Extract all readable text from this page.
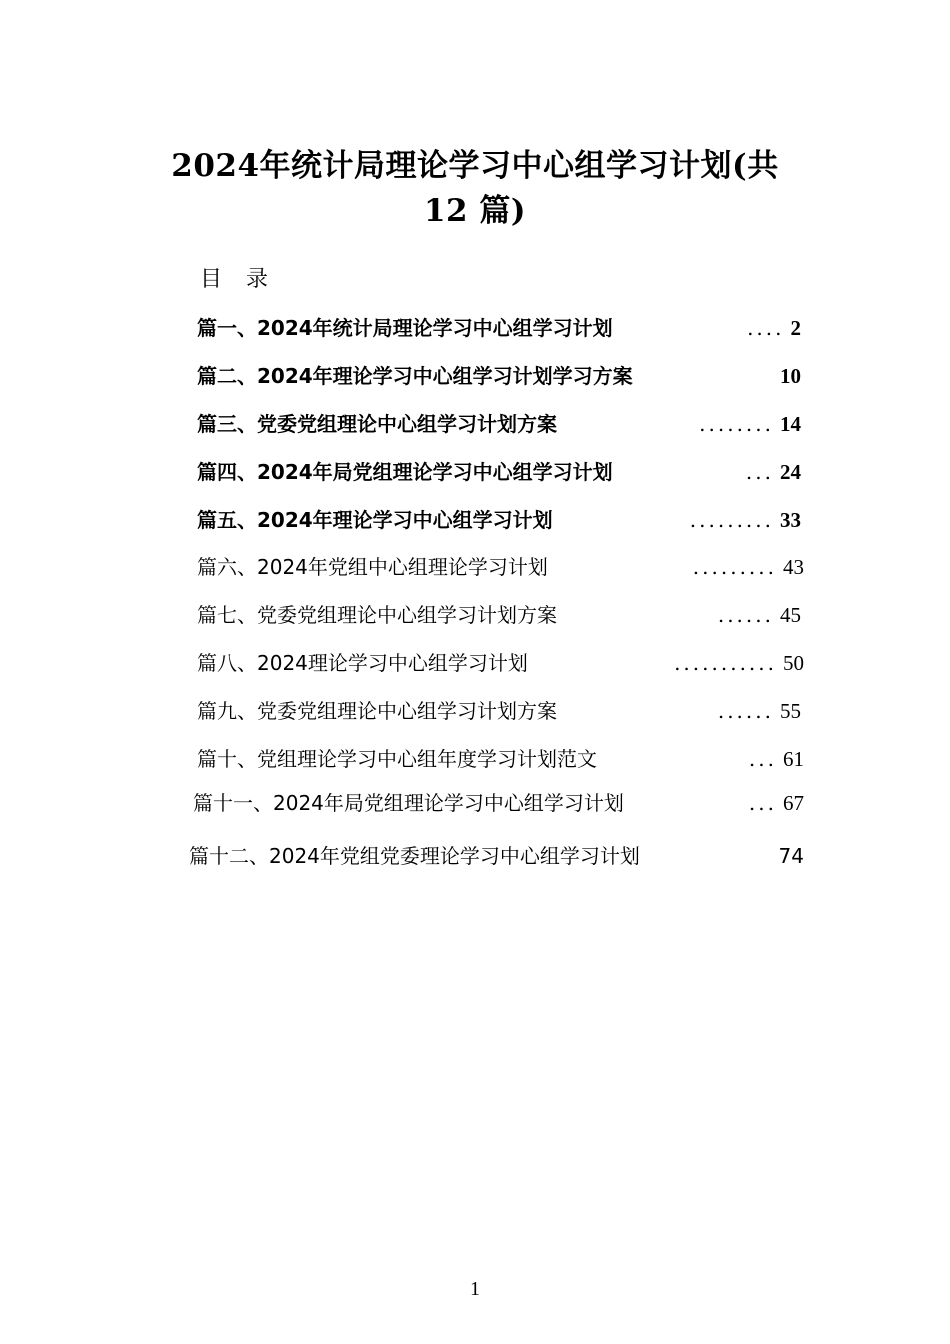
2024年统计局理论学习中心组学习计划(共
12 篇)
目录
篇一、2024年统计局理论学习中心组学习计划	.... 2
篇二、2024年理论学习中心组学习计划学习方案	10
篇三、党委党组理论中心组学习计划方案	........ 14
篇四、2024年局党组理论学习中心组学习计划	... 24
篇五、2024年理论学习中心组学习计划	......... 33
篇六、2024年党组中心组理论学习计划	......... 43
篇七、党委党组理论中心组学习计划方案	...... 45
篇八、2024理论学习中心组学习计划	........... 50
篇九、党委党组理论中心组学习计划方案	...... 55
篇十、党组理论学习中心组年度学习计划范文	... 61
篇十一、2024年局党组理论学习中心组学习计划	... 67
篇十二、2024年党组党委理论学习中心组学习计划	74
1
